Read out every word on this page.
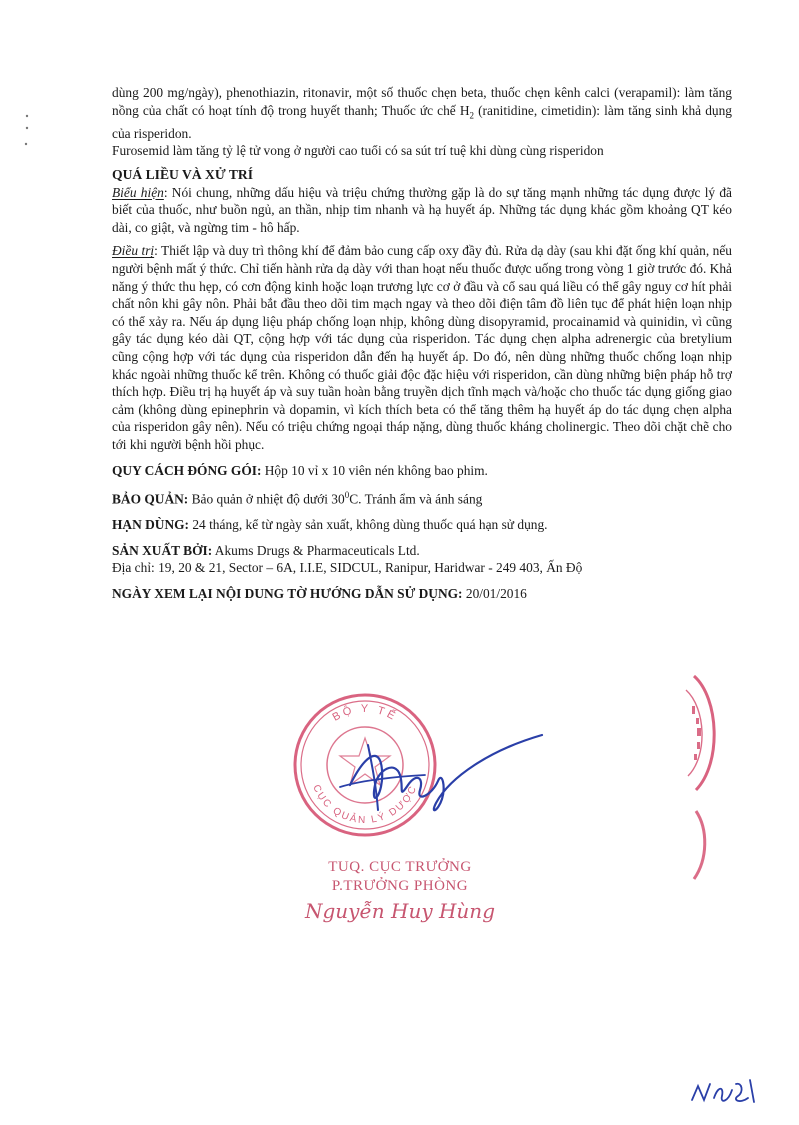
dùng 200 mg/ngày), phenothiazin, ritonavir, một số thuốc chẹn beta, thuốc chẹn kênh calci (verapamil): làm tăng nồng của chất có hoạt tính độ trong huyết thanh; Thuốc ức chế $H_2$ (ranitidine, cimetidin): làm tăng sinh khả dụng của risperidon.

Furosemid làm tăng tỷ lệ tử vong ở người cao tuổi có sa sút trí tuệ khi dùng cùng risperidon

QUÁ LIỀU VÀ XỬ TRÍ

Biểu hiện: Nói chung, những dấu hiệu và triệu chứng thường gặp là do sự tăng mạnh những tác dụng được lý đã biết của thuốc, như buồn ngủ, an thần, nhịp tim nhanh và hạ huyết áp. Những tác dụng khác gồm khoảng QT kéo dài, co giật, và ngừng tim - hô hấp.

Điều trị: Thiết lập và duy trì thông khí để đảm bảo cung cấp oxy đầy đủ. Rửa dạ dày (sau khi đặt ống khí quản, nếu người bệnh mất ý thức. Chỉ tiến hành rửa dạ dày với than hoạt nếu thuốc được uống trong vòng 1 giờ trước đó. Khả năng ý thức thu hẹp, có cơn động kinh hoặc loạn trương lực cơ ở đầu và cổ sau quá liều có thể gây nguy cơ hít phải chất nôn khi gây nôn. Phải bắt đầu theo dõi tim mạch ngay và theo dõi điện tâm đồ liên tục để phát hiện loạn nhịp có thể xảy ra. Nếu áp dụng liệu pháp chống loạn nhịp, không dùng disopyramid, procainamid và quinidin, vì cũng gây tác dụng kéo dài QT, cộng hợp với tác dụng của risperidon. Tác dụng chẹn alpha adrenergic của bretylium cũng cộng hợp với tác dụng của risperidon dẫn đến hạ huyết áp. Do đó, nên dùng những thuốc chống loạn nhịp khác ngoài những thuốc kể trên. Không có thuốc giải độc đặc hiệu với risperidon, cần dùng những biện pháp hỗ trợ thích hợp. Điều trị hạ huyết áp và suy tuần hoàn bằng truyền dịch tĩnh mạch và/hoặc cho thuốc tác dụng giống giao cảm (không dùng epinephrin và dopamin, vì kích thích beta có thể tăng thêm hạ huyết áp do tác dụng chẹn alpha của risperidon gây nên). Nếu có triệu chứng ngoại tháp nặng, dùng thuốc kháng cholinergic. Theo dõi chặt chẽ cho tới khi người bệnh hồi phục.

QUY CÁCH ĐÓNG GÓI: Hộp 10 vỉ x 10 viên nén không bao phim.

BẢO QUẢN: Bảo quản ở nhiệt độ dưới $30^0C$. Tránh ẩm và ánh sáng

HẠN DÙNG: 24 tháng, kể từ ngày sản xuất, không dùng thuốc quá hạn sử dụng.

SẢN XUẤT BỞI: Akums Drugs & Pharmaceuticals Ltd.

Địa chỉ: 19, 20 & 21, Sector – 6A, I.I.E, SIDCUL, Ranipur, Haridwar - 249 403, Ấn Độ

NGÀY XEM LẠI NỘI DUNG TỜ HƯỚNG DẪN SỬ DỤNG: 20/01/2016

BỘ Y TẾ
CỤC QUẢN LÝ DƯỢC
TUQ. CỤC TRƯỞNG
P.TRƯỞNG PHÒNG
Nguyễn Huy Hùng
